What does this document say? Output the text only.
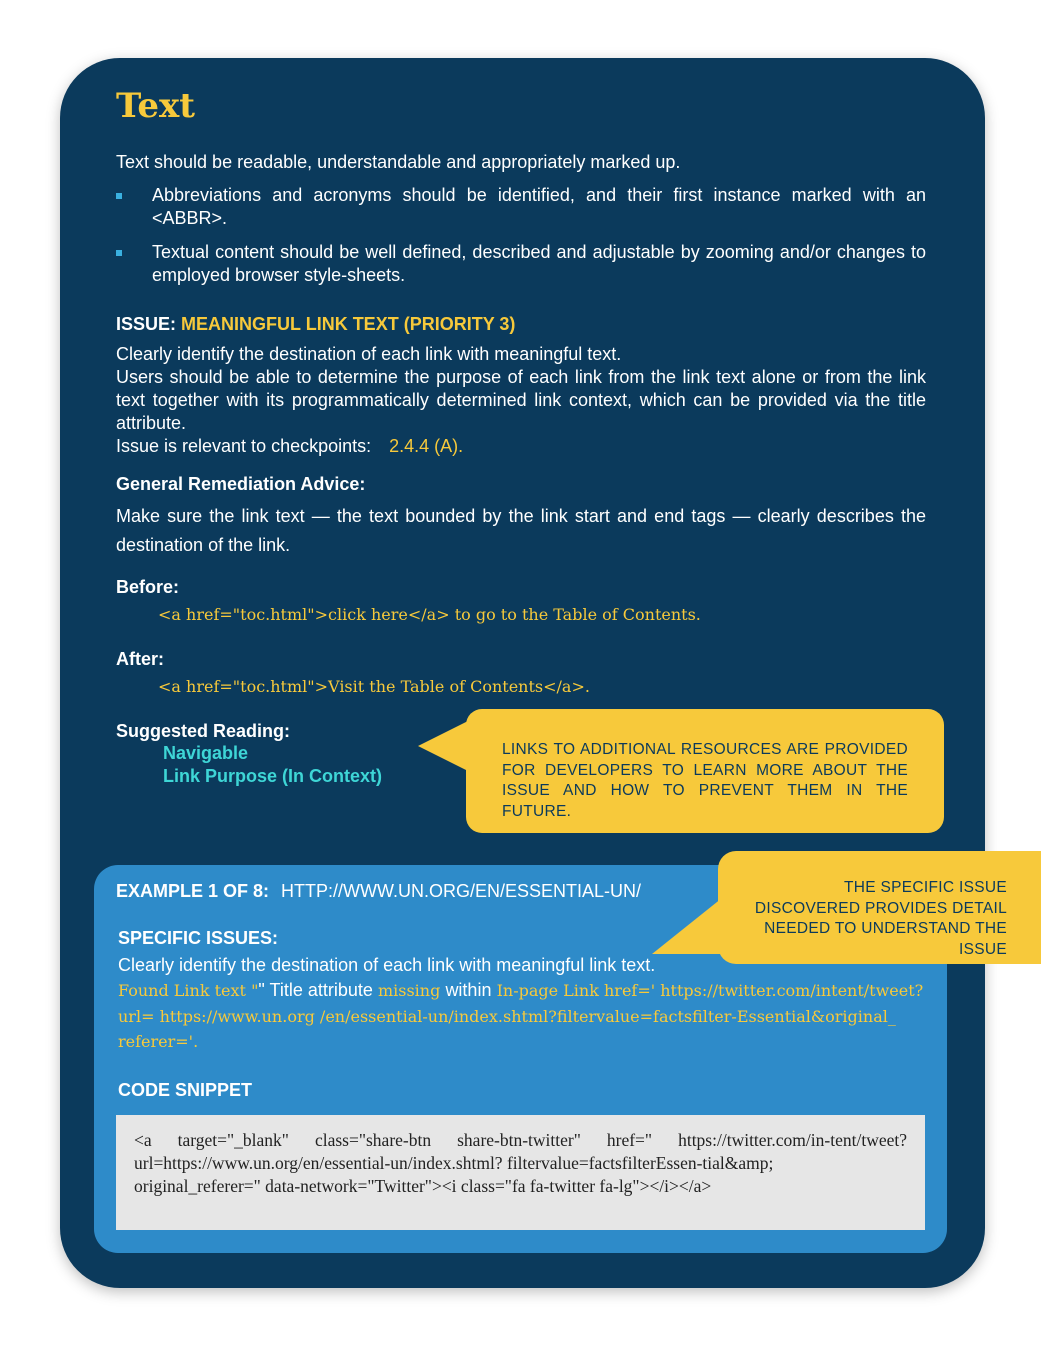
Text
Text should be readable, understandable and appropriately marked up.
Abbreviations and acronyms should be identified, and their first instance marked with an <ABBR>.
Textual content should be well defined, described and adjustable by zooming and/or changes to employed browser style-sheets.
ISSUE: MEANINGFUL LINK TEXT (PRIORITY 3)
Clearly identify the destination of each link with meaningful text.
Users should be able to determine the purpose of each link from the link text alone or from the link text together with its programmatically determined link context, which can be provided via the title attribute.
Issue is relevant to checkpoints: 2.4.4 (A).
General Remediation Advice:
Make sure the link text — the text bounded by the link start and end tags — clearly describes the destination of the link.
Before:
<a href="toc.html">click here</a> to go to the Table of Contents.
After:
<a href="toc.html">Visit the Table of Contents</a>.
Suggested Reading:
Navigable
Link Purpose (In Context)
LINKS TO ADDITIONAL RESOURCES ARE PROVIDED FOR DEVELOPERS TO LEARN MORE ABOUT THE ISSUE AND HOW TO PREVENT THEM IN THE FUTURE.
EXAMPLE 1 OF 8: HTTP://WWW.UN.ORG/EN/ESSENTIAL-UN/
SPECIFIC ISSUES:
Clearly identify the destination of each link with meaningful link text.
Found Link text "" Title attribute missing within In-page Link href=' https://twitter.com/intent/tweet? url= https://www.un.org /en/essential-un/index.shtml?filtervalue=factsfilter-Essential&original_ referer='.
CODE SNIPPET
<a target="_blank" class="share-btn share-btn-twitter" href=" https://twitter.com/in-tent/tweet? url=https://www.un.org/en/essential-un/index.shtml? filtervalue=factsfilterEssen-tial&amp;
original_referer=" data-network="Twitter"><i class="fa fa-twitter fa-lg"></i></a>
THE SPECIFIC ISSUE DISCOVERED PROVIDES DETAIL NEEDED TO UNDERSTAND THE ISSUE
